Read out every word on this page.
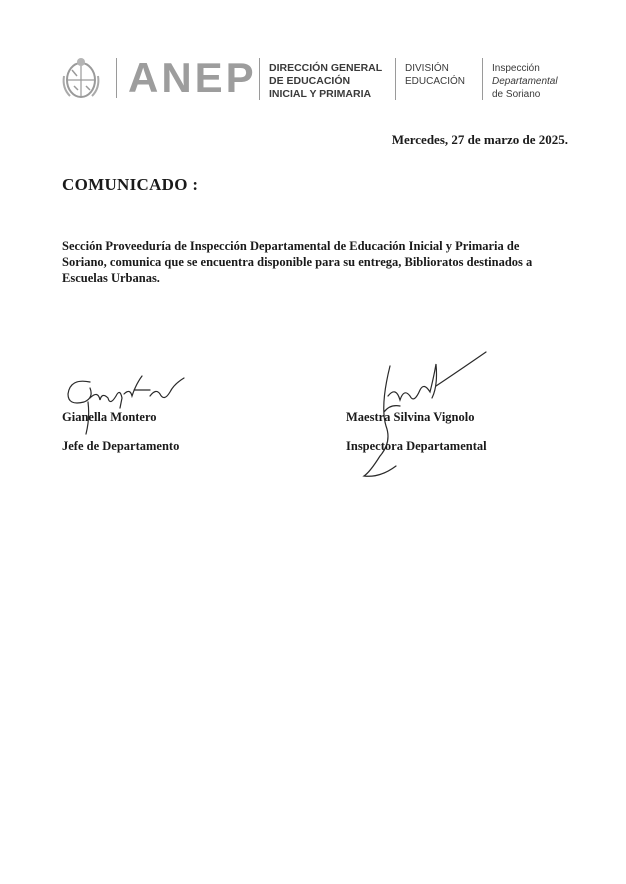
ANEP DIRECCIÓN GENERAL
DE EDUCACIÓN
INICIAL Y PRIMARIA
DIVISIÓN
EDUCACIÓN
Inspección
Departamental
de Soriano
Mercedes, 27 de marzo de 2025.
COMUNICADO :
Sección Proveeduría de Inspección Departamental de Educación Inicial y Primaria de
Soriano, comunica que se encuentra disponible para su entrega, Biblioratos destinados a
Escuelas Urbanas.
Gianella Montero
Jefe de Departamento
Maestra Silvina Vignolo
Inspectora Departamental
